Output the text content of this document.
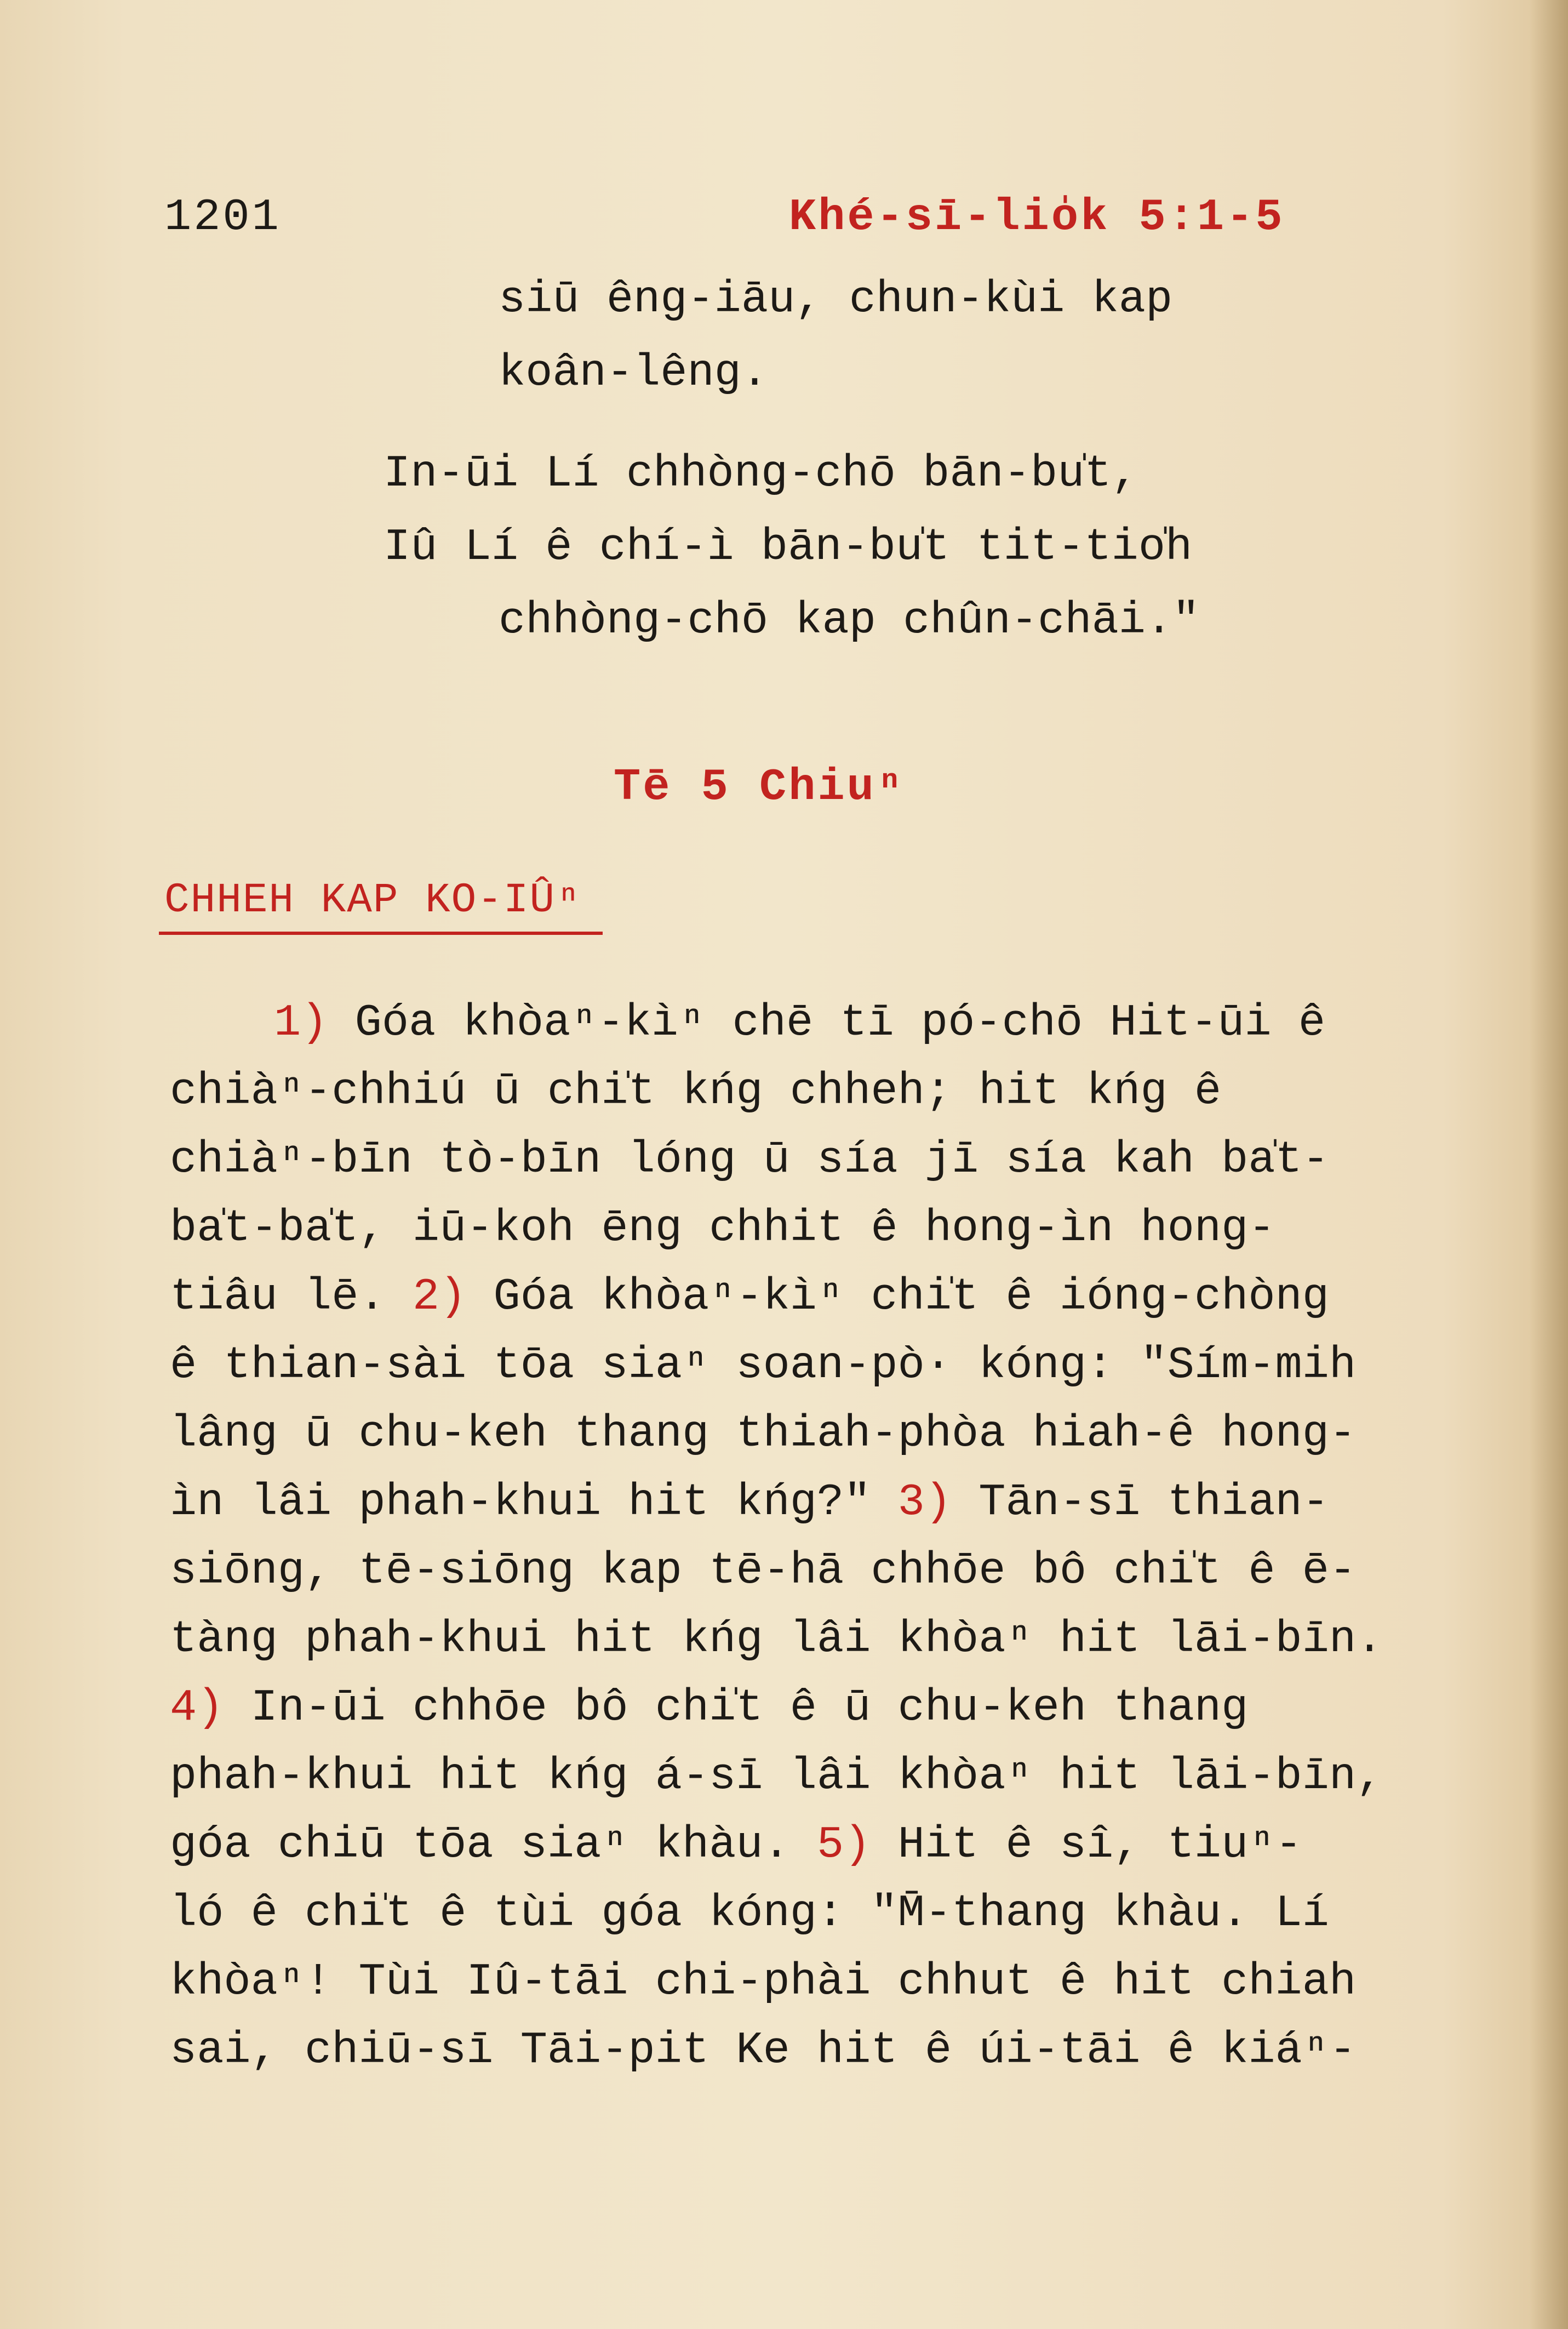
1201	Khé-sī-lio̍k 5:1-5
siū êng-iāu, chun-kùi kap
koân-lêng.
In-ūi Lí chhòng-chō bān-bu̍t,
Iû Lí ê chí-ì bān-bu̍t tit-tio̍h
chhòng-chō kap chûn-chāi."
Tē 5 Chiuⁿ
CHHEH KAP KO-IÛⁿ
1) Góa khòaⁿ-kìⁿ chē tī pó-chō Hit-ūi ê
chiàⁿ-chhiú ū chi̍t kńg chheh; hit kńg ê
chiàⁿ-bīn tò-bīn lóng ū sía jī sía kah ba̍t-
ba̍t-ba̍t, iū-koh ēng chhit ê hong-ìn hong-
tiâu lē. 2) Góa khòaⁿ-kìⁿ chi̍t ê ióng-chòng
ê thian-sài tōa siaⁿ soan-pò· kóng: "Sím-mih
lâng ū chu-keh thang thiah-phòa hiah-ê hong-
ìn lâi phah-khui hit kńg?" 3) Tān-sī thian-
siōng, tē-siōng kap tē-hā chhōe bô chi̍t ê ē-
tàng phah-khui hit kńg lâi khòaⁿ hit lāi-bīn.
4) In-ūi chhōe bô chi̍t ê ū chu-keh thang
phah-khui hit kńg á-sī lâi khòaⁿ hit lāi-bīn,
góa chiū tōa siaⁿ khàu. 5) Hit ê sî, tiuⁿ-
ló ê chi̍t ê tùi góa kóng: "M̄-thang khàu. Lí
khòaⁿ! Tùi Iû-tāi chi-phài chhut ê hit chiah
sai, chiū-sī Tāi-pit Ke hit ê úi-tāi ê kiáⁿ-
